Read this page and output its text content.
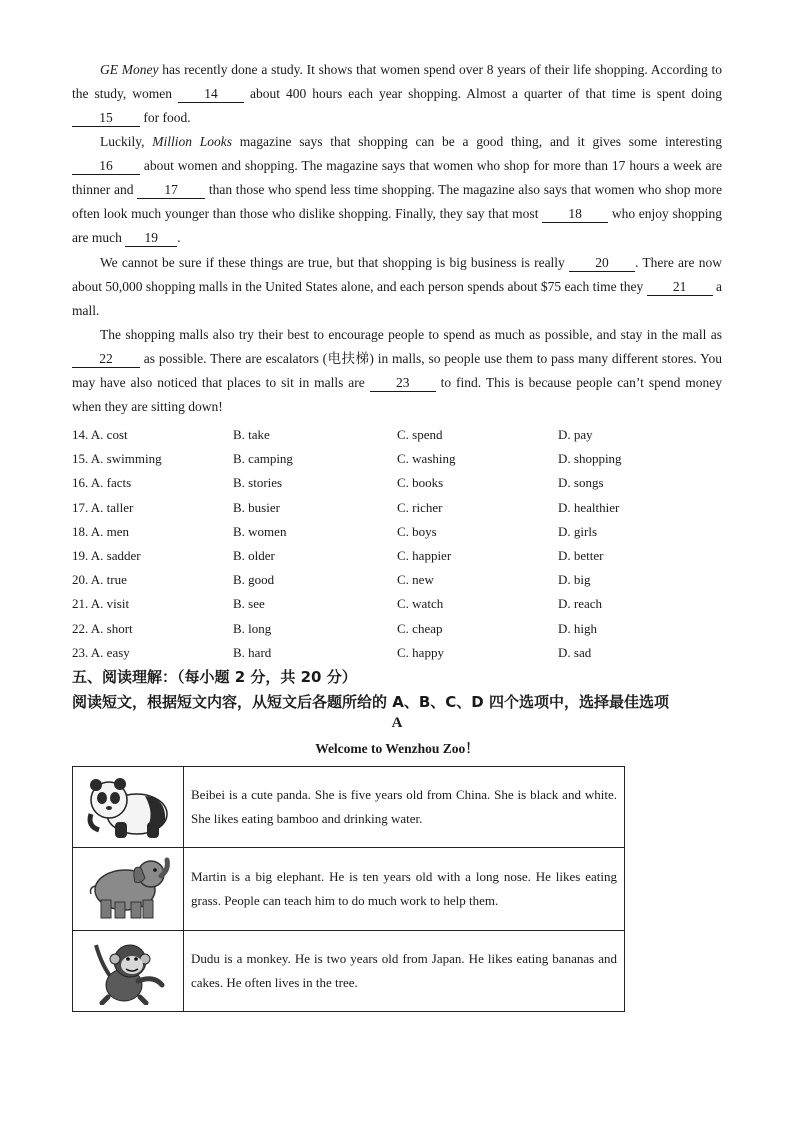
GE Money has recently done a study. It shows that women spend over 8 years of their life shopping. According to the study, women 14 about 400 hours each year shopping. Almost a quarter of that time is spent doing 15 for food.

Luckily, Million Looks magazine says that shopping can be a good thing, and it gives some interesting 16 about women and shopping. The magazine says that women who shop for more than 17 hours a week are thinner and 17 than those who spend less time shopping. The magazine also says that women who shop more often look much younger than those who dislike shopping. Finally, they say that most 18 who enjoy shopping are much 19 .

We cannot be sure if these things are true, but that shopping is big business is really 20 . There are now about 50,000 shopping malls in the United States alone, and each person spends about $75 each time they 21 a mall.

The shopping malls also try their best to encourage people to spend as much as possible, and stay in the mall as 22 as possible. There are escalators (电扶梯) in malls, so people use them to pass many different stores. You may have also noticed that places to sit in malls are 23 to find. This is because people can’t spend money when they are sitting down!

14. A. cost	B. take	C. spend	D. pay
15. A. swimming	B. camping	C. washing	D. shopping
16. A. facts	B. stories	C. books	D. songs
17. A. taller	B. busier	C. richer	D. healthier
18. A. men	B. women	C. boys	D. girls
19. A. sadder	B. older	C. happier	D. better
20. A. true	B. good	C. new	D. big
21. A. visit	B. see	C. watch	D. reach
22. A. short	B. long	C. cheap	D. high
23. A. easy	B. hard	C. happy	D. sad
五、阅读理解：（每小题 2 分，共 20 分）
阅读短文，根据短文内容，从短文后各题所给的 A、B、C、D 四个选项中，选择最佳选项
A
Welcome to Wenzhou Zoo！
	Beibei is a cute panda. She is five years old from China. She is black and white. She likes eating bamboo and drinking water.

	Martin is a big elephant. He is ten years old with a long nose. He likes eating grass. People can teach him to do much work to help them.

	Dudu is a monkey. He is two years old from Japan. He likes eating bananas and cakes. He often lives in the tree.
